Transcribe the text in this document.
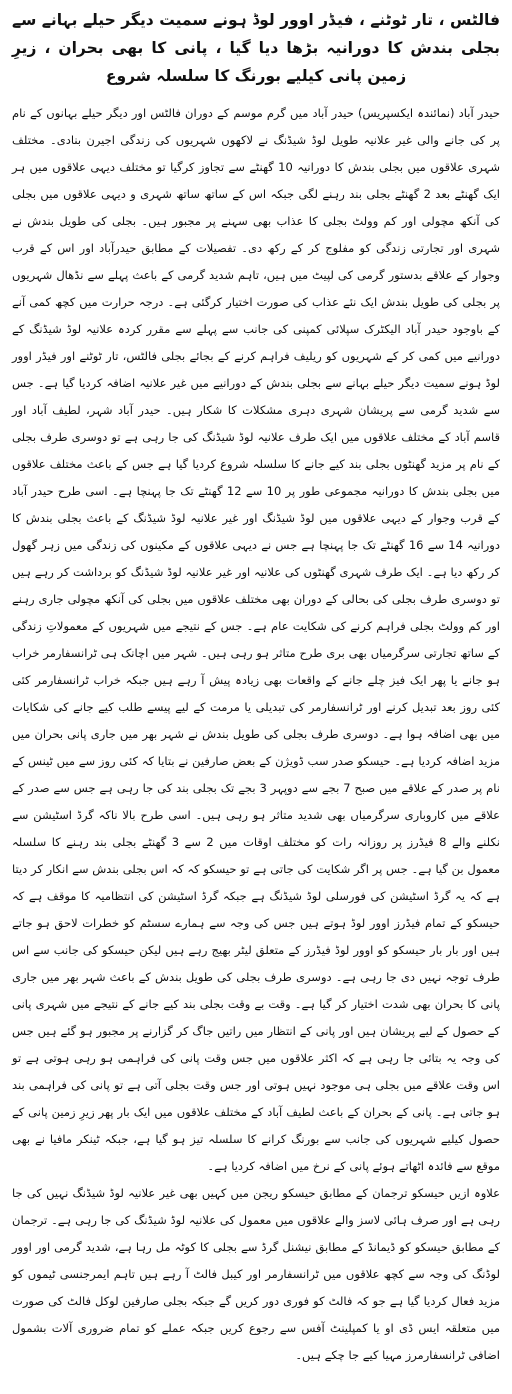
فالٹس ، تار ٹوٹنے ، فیڈر اوور لوڈ ہونے سمیت دیگر حیلے بہانے سے بجلی بندش کا دورانیہ بڑھا دیا گیا ، پانی کا بھی بحران ، زیرِ زمین پانی کیلیے بورنگ کا سلسلہ شروع

حیدر آباد (نمائندہ ایکسپریس) حیدر آباد میں گرم موسم کے دوران فالٹس اور دیگر حیلے بہانوں کے نام پر کی جانے والی غیر علانیہ طویل لوڈ شیڈنگ نے لاکھوں شہریوں کی زندگی اجیرن بنادی۔ مختلف شہری علاقوں میں بجلی بندش کا دورانیہ 10 گھنٹے سے تجاوز کرگیا تو مختلف دیہی علاقوں میں ہر ایک گھنٹے بعد 2 گھنٹے بجلی بند رہنے لگی جبکہ اس کے ساتھ ساتھ شہری و دیہی علاقوں میں بجلی کی آنکھ مچولی اور کم وولٹ بجلی کا عذاب بھی سہنے پر مجبور ہیں۔ بجلی کی طویل بندش نے شہری اور تجارتی زندگی کو مفلوج کر کے رکھ دی۔ تفصیلات کے مطابق حیدرآباد اور اس کے قرب وجوار کے علاقے بدستور گرمی کی لپیٹ میں ہیں، تاہم شدید گرمی کے باعث پہلے سے نڈھال شہریوں پر بجلی کی طویل بندش ایک نئے عذاب کی صورت اختیار کرگئی ہے۔ درجہ حرارت میں کچھ کمی آنے کے باوجود حیدر آباد الیکٹرک سپلائی کمپنی کی جانب سے پہلے سے مقرر کردہ علانیہ لوڈ شیڈنگ کے دورانیے میں کمی کر کے شہریوں کو ریلیف فراہم کرنے کے بجائے بجلی فالٹس، تار ٹوٹنے اور فیڈر اوور لوڈ ہونے سمیت دیگر حیلے بہانے سے بجلی بندش کے دورانیے میں غیر علانیہ اضافہ کردیا گیا ہے۔ جس سے شدید گرمی سے پریشان شہری دہری مشکلات کا شکار ہیں۔ حیدر آباد شہر، لطیف آباد اور قاسم آباد کے مختلف علاقوں میں ایک طرف علانیہ لوڈ شیڈنگ کی جا رہی ہے تو دوسری طرف بجلی کے نام پر مزید گھنٹوں بجلی بند کیے جانے کا سلسلہ شروع کردیا گیا ہے جس کے باعث مختلف علاقوں میں بجلی بندش کا دورانیہ مجموعی طور پر 10 سے 12 گھنٹے تک جا پہنچا ہے۔ اسی طرح حیدر آباد کے قرب وجوار کے دیہی علاقوں میں لوڈ شیڈنگ اور غیر علانیہ لوڈ شیڈنگ کے باعث بجلی بندش کا دورانیہ 14 سے 16 گھنٹے تک جا پہنچا ہے جس نے دیہی علاقوں کے مکینوں کی زندگی میں زہر گھول کر رکھ دیا ہے۔ ایک طرف شہری گھنٹوں کی علانیہ اور غیر علانیہ لوڈ شیڈنگ کو برداشت کر رہے ہیں تو دوسری طرف بجلی کی بحالی کے دوران بھی مختلف علاقوں میں بجلی کی آنکھ مچولی جاری رہنے اور کم وولٹ بجلی فراہم کرنے کی شکایت عام ہے۔ جس کے نتیجے میں شہریوں کے معمولاتِ زندگی کے ساتھ تجارتی سرگرمیاں بھی بری طرح متاثر ہو رہی ہیں۔ شہر میں اچانک ہی ٹرانسفارمر خراب ہو جانے یا پھر ایک فیز چلے جانے کے واقعات بھی زیادہ پیش آ رہے ہیں جبکہ خراب ٹرانسفارمر کئی کئی روز بعد تبدیل کرنے اور ٹرانسفارمر کی تبدیلی یا مرمت کے لیے پیسے طلب کیے جانے کی شکایات میں بھی اضافہ ہوا ہے۔ دوسری طرف بجلی کی طویل بندش نے شہر بھر میں جاری پانی بحران میں مزید اضافہ کردیا ہے۔ حیسکو صدر سب ڈویژن کے بعض صارفین نے بتایا کہ کئی روز سے میں ٹینس کے نام پر صدر کے علاقے میں صبح 7 بجے سے دوپہر 3 بجے تک بجلی بند کی جا رہی ہے جس سے صدر کے علاقے میں کاروباری سرگرمیاں بھی شدید متاثر ہو رہی ہیں۔ اسی طرح بالا ناکہ گرڈ اسٹیشن سے نکلنے والے 8 فیڈرز پر روزانہ رات کو مختلف اوقات میں 2 سے 3 گھنٹے بجلی بند رہنے کا سلسلہ معمول بن گیا ہے۔ جس پر اگر شکایت کی جاتی ہے تو حیسکو کہ کہ اس بجلی بندش سے انکار کر دیتا ہے کہ یہ گرڈ اسٹیشن کی فورسلی لوڈ شیڈنگ ہے جبکہ گرڈ اسٹیشن کی انتظامیہ کا موقف ہے کہ حیسکو کے تمام فیڈرز اوور لوڈ ہوتے ہیں جس کی وجہ سے ہمارے سسٹم کو خطرات لاحق ہو جاتے ہیں اور بار بار حیسکو کو اوور لوڈ فیڈرز کے متعلق لیٹر بھیج رہے ہیں لیکن حیسکو کی جانب سے اس طرف توجہ نہیں دی جا رہی ہے۔ دوسری طرف بجلی کی طویل بندش کے باعث شہر بھر میں جاری پانی کا بحران بھی شدت اختیار کر گیا ہے۔ وقت بے وقت بجلی بند کیے جانے کے نتیجے میں شہری پانی کے حصول کے لیے پریشان ہیں اور پانی کے انتظار میں راتیں جاگ کر گزارنے پر مجبور ہو گئے ہیں جس کی وجہ یہ بتائی جا رہی ہے کہ اکثر علاقوں میں جس وقت پانی کی فراہمی ہو رہی ہوتی ہے تو اس وقت علاقے میں بجلی ہی موجود نہیں ہوتی اور جس وقت بجلی آتی ہے تو پانی کی فراہمی بند ہو جاتی ہے۔ پانی کے بحران کے باعث لطیف آباد کے مختلف علاقوں میں ایک بار پھر زیرِ زمین پانی کے حصول کیلیے شہریوں کی جانب سے بورنگ کرانے کا سلسلہ تیز ہو گیا ہے، جبکہ ٹینکر مافیا نے بھی موقع سے فائدہ اٹھاتے ہوئے پانی کے نرخ میں اضافہ کردیا ہے۔

علاوہ ازیں حیسکو ترجمان کے مطابق حیسکو ریجن میں کہیں بھی غیر علانیہ لوڈ شیڈنگ نہیں کی جا رہی ہے اور صرف ہائی لاسز والے علاقوں میں معمول کی علانیہ لوڈ شیڈنگ کی جا رہی ہے۔ ترجمان کے مطابق حیسکو کو ڈیمانڈ کے مطابق نیشنل گرڈ سے بجلی کا کوٹہ مل رہا ہے، شدید گرمی اور اوور لوڈنگ کی وجہ سے کچھ علاقوں میں ٹرانسفارمر اور کیبل فالٹ آ رہے ہیں تاہم ایمرجنسی ٹیموں کو مزید فعال کردیا گیا ہے جو کہ فالٹ کو فوری دور کریں گے جبکہ بجلی صارفین لوکل فالٹ کی صورت میں متعلقہ ایس ڈی او یا کمپلینٹ آفس سے رجوع کریں جبکہ عملے کو تمام ضروری آلات بشمول اضافی ٹرانسفارمرز مہیا کیے جا چکے ہیں۔
